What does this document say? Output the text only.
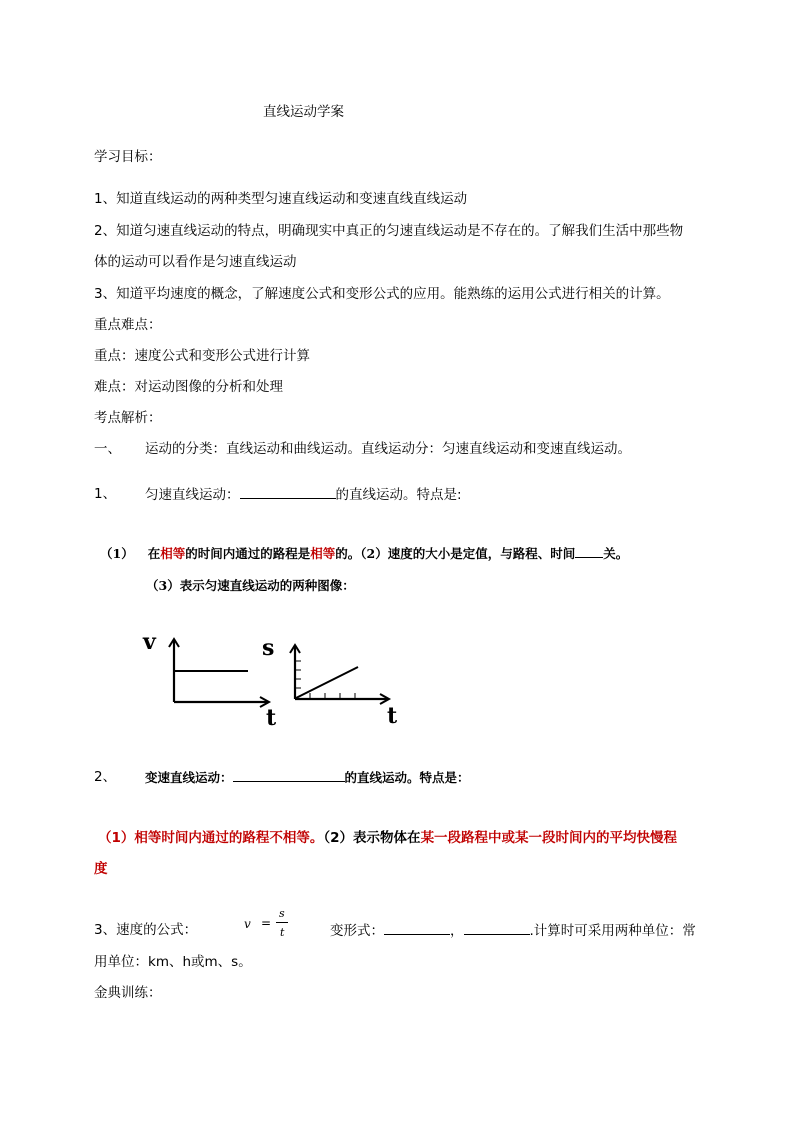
直线运动学案
学习目标：
1、知道直线运动的两种类型匀速直线运动和变速直线直线运动
2、知道匀速直线运动的特点，明确现实中真正的匀速直线运动是不存在的。了解我们生活中那些物
体的运动可以看作是匀速直线运动
3、知道平均速度的概念，了解速度公式和变形公式的应用。能熟练的运用公式进行相关的计算。
重点难点：
重点：速度公式和变形公式进行计算
难点：对运动图像的分析和处理
考点解析：
一、 运动的分类：直线运动和曲线运动。直线运动分：匀速直线运动和变速直线运动。
1、 匀速直线运动：	的直线运动。特点是:
（1） 在相等的时间内通过的路程是相等的。（2）速度的大小是定值，与路程、时间 关。
（3）表示匀速直线运动的两种图像：
v
t
s
t
2、 变速直线运动：	的直线运动。特点是：
（1）相等时间内通过的路程不相等。（2）表示物体在某一段路程中或某一段时间内的平均快慢程
度
3、速度的公式：	v =
s
t	变形式：	，	.计算时可采用两种单位：常
用单位：km、h或m、s。
金典训练：
